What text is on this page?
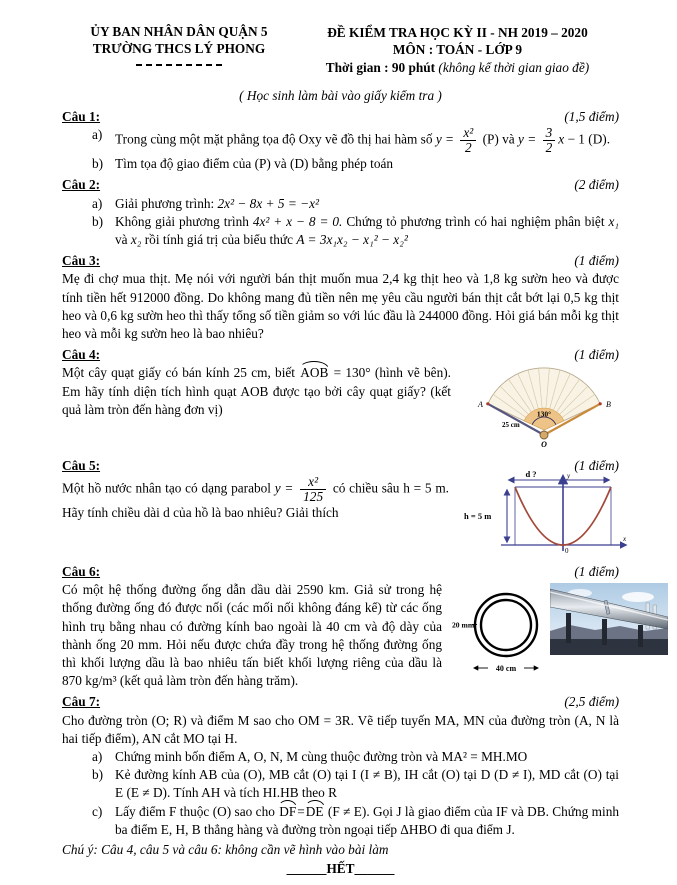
ỦY BAN NHÂN DÂN QUẬN 5
TRƯỜNG THCS LÝ PHONG
ĐỀ KIỂM TRA HỌC KỲ II - NH 2019 – 2020
MÔN : TOÁN - LỚP 9
Thời gian : 90 phút (không kể thời gian giao đề)
( Học sinh làm bài vào giấy kiểm tra )
Câu 1:	(1,5 điểm)
a) Trong cùng một mặt phẳng tọa độ Oxy vẽ đồ thị hai hàm số $y = \frac{\text{x²}}{2} (P)$ và $y = \frac{3}{2}$ x − 1 (D).
b) Tìm tọa độ giao điểm của (P) và (D) bằng phép toán
Câu 2:	(2 điểm)
a) Giải phương trình: 2x² − 8x + 5 = −x²
b) Không giải phương trình 4x² + x − 8 = 0. Chứng tỏ phương trình có hai nghiệm phân biệt x₁ và x₂ rồi tính giá trị của biểu thức A = 3x₁x₂ − x₁² − x₂²
Câu 3:	(1 điểm)

Mẹ đi chợ mua thịt. Mẹ nói với người bán thịt muốn mua 2,4 kg thịt heo và 1,8 kg sườn heo và được tính tiền hết 912000 đồng. Do không mang đủ tiền nên mẹ yêu cầu người bán thịt cắt bớt lại 0,5 kg thịt heo và 0,6 kg sườn heo thì thấy tổng số tiền giảm so với lúc đầu là 244000 đồng. Hỏi giá bán mỗi kg thịt heo và mỗi kg sườn heo là bao nhiêu?

Câu 4:	(1 điểm)
Một cây quạt giấy có bán kính 25 cm, biết AOB = 130° (hình vẽ bên). Em hãy tính diện tích hình quạt AOB được tạo bởi cây quạt giấy? (kết quả làm tròn đến hàng đơn vị)	130°
A	B
O
25 cm
Câu 5:	(1 điểm)
Một hồ nước nhân tạo có dạng parabol $y = \frac{\text{x²}}{125}$ có chiều sâu h = 5 m. Hãy tính chiều dài d của hồ là bao nhiêu? Giải thích
d ?
h = 5 m
y
x
0
Câu 6:	(1 điểm)
Có một hệ thống đường ống dẫn dầu dài 2590 km. Giả sử trong hệ thống đường ống đó được nối (các mối nối không đáng kể) từ các ống hình trụ bằng nhau có đường kính bao ngoài là 40 cm và độ dày của thành ống 20 mm. Hỏi nếu được chứa đầy trong hệ thống đường ống thì khối lượng dầu là bao nhiêu tấn biết khối lượng riêng của dầu là 870 kg/m³ (kết quả làm tròn đến hàng trăm).
20 mm
40 cm
Câu 7:	(2,5 điểm)

Cho đường tròn (O; R) và điểm M sao cho OM = 3R. Vẽ tiếp tuyến MA, MN của đường tròn (A, N là hai tiếp điểm), AN cắt MO tại H.

a) Chứng minh bốn điểm A, O, N, M cùng thuộc đường tròn và MA² = MH.MO
b) Kẻ đường kính AB của (O), MB cắt (O) tại I (I ≠ B), IH cắt (O) tại D (D ≠ I), MD cắt (O) tại E (E ≠ D). Tính AH và tích HI.HB theo R
c) Lấy điểm F thuộc (O) sao cho DF=DE (F ≠ E). Gọi J là giao điểm của IF và DB. Chứng minh ba điểm E, H, B thẳng hàng và đường tròn ngoại tiếp ΔHBO đi qua điểm J.

Chú ý: Câu 4, câu 5 và câu 6: không cần vẽ hình vào bài làm

______HẾT______
